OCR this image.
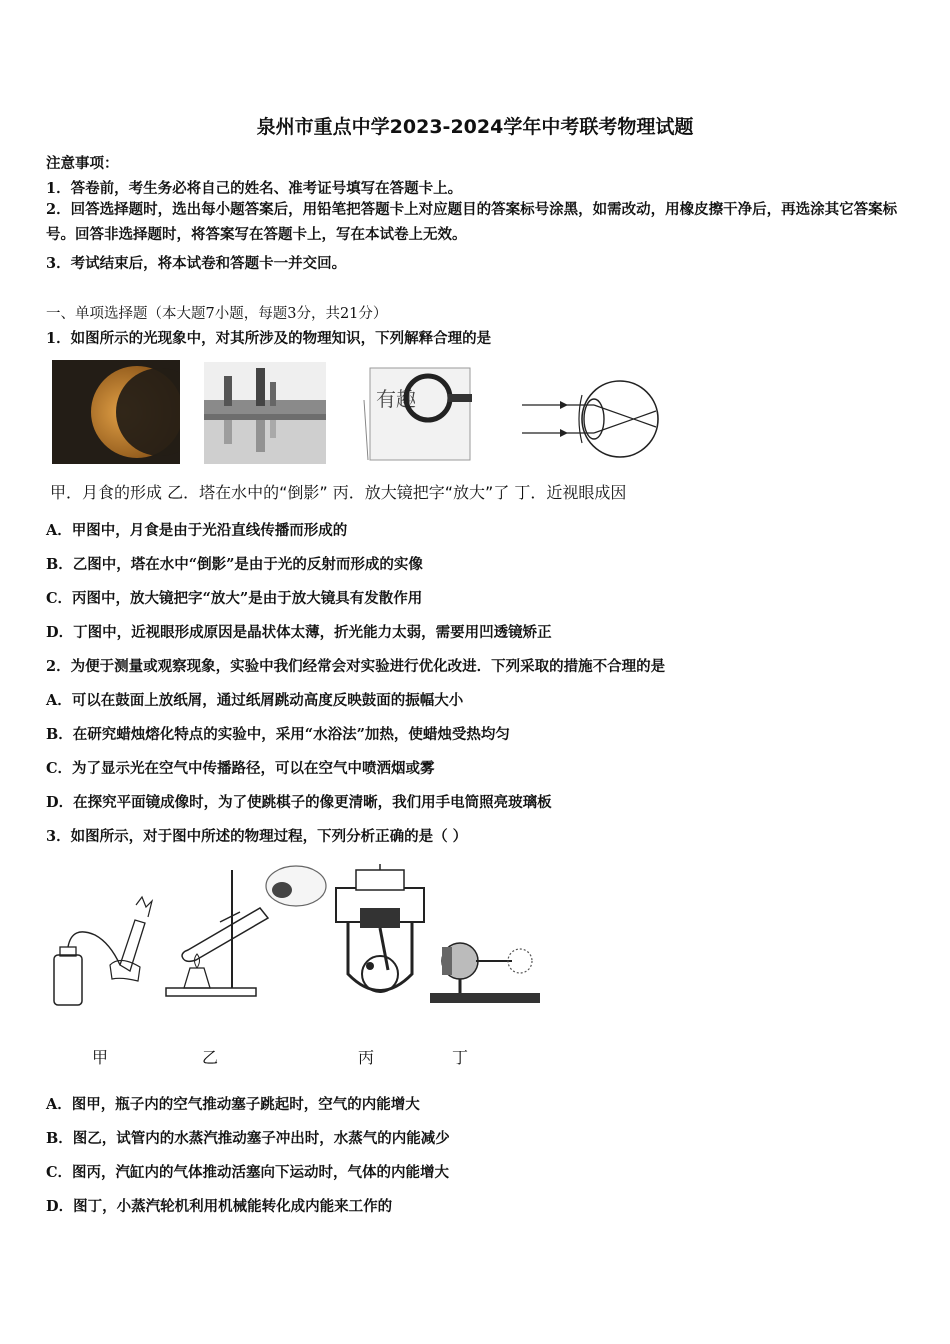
泉州市重点中学2023-2024学年中考联考物理试题
注意事项：
1．答卷前，考生务必将自己的姓名、准考证号填写在答题卡上。
2．回答选择题时，选出每小题答案后，用铅笔把答题卡上对应题目的答案标号涂黑，如需改动，用橡皮擦干净后，再选涂其它答案标号。回答非选择题时，将答案写在答题卡上，写在本试卷上无效。
3．考试结束后，将本试卷和答题卡一并交回。
一、单项选择题（本大题7小题，每题3分，共21分）
1．如图所示的光现象中，对其所涉及的物理知识，下列解释合理的是
有趣
甲．月食的形成 乙．塔在水中的“倒影” 丙．放大镜把字“放大”了 丁．近视眼成因
A．甲图中，月食是由于光沿直线传播而形成的
B．乙图中，塔在水中“倒影”是由于光的反射而形成的实像
C．丙图中，放大镜把字“放大”是由于放大镜具有发散作用
D．丁图中，近视眼形成原因是晶状体太薄，折光能力太弱，需要用凹透镜矫正
2．为便于测量或观察现象，实验中我们经常会对实验进行优化改进．下列采取的措施不合理的是
A．可以在鼓面上放纸屑，通过纸屑跳动高度反映鼓面的振幅大小
B．在研究蜡烛熔化特点的实验中，采用“水浴法”加热，使蜡烛受热均匀
C．为了显示光在空气中传播路径，可以在空气中喷洒烟或雾
D．在探究平面镜成像时，为了使跳棋子的像更清晰，我们用手电筒照亮玻璃板
3．如图所示，对于图中所述的物理过程，下列分析正确的是（ ）
甲	乙	丙	丁
A．图甲，瓶子内的空气推动塞子跳起时，空气的内能增大
B．图乙，试管内的水蒸汽推动塞子冲出时，水蒸气的内能减少
C．图丙，汽缸内的气体推动活塞向下运动时，气体的内能增大
D．图丁，小蒸汽轮机利用机械能转化成内能来工作的
